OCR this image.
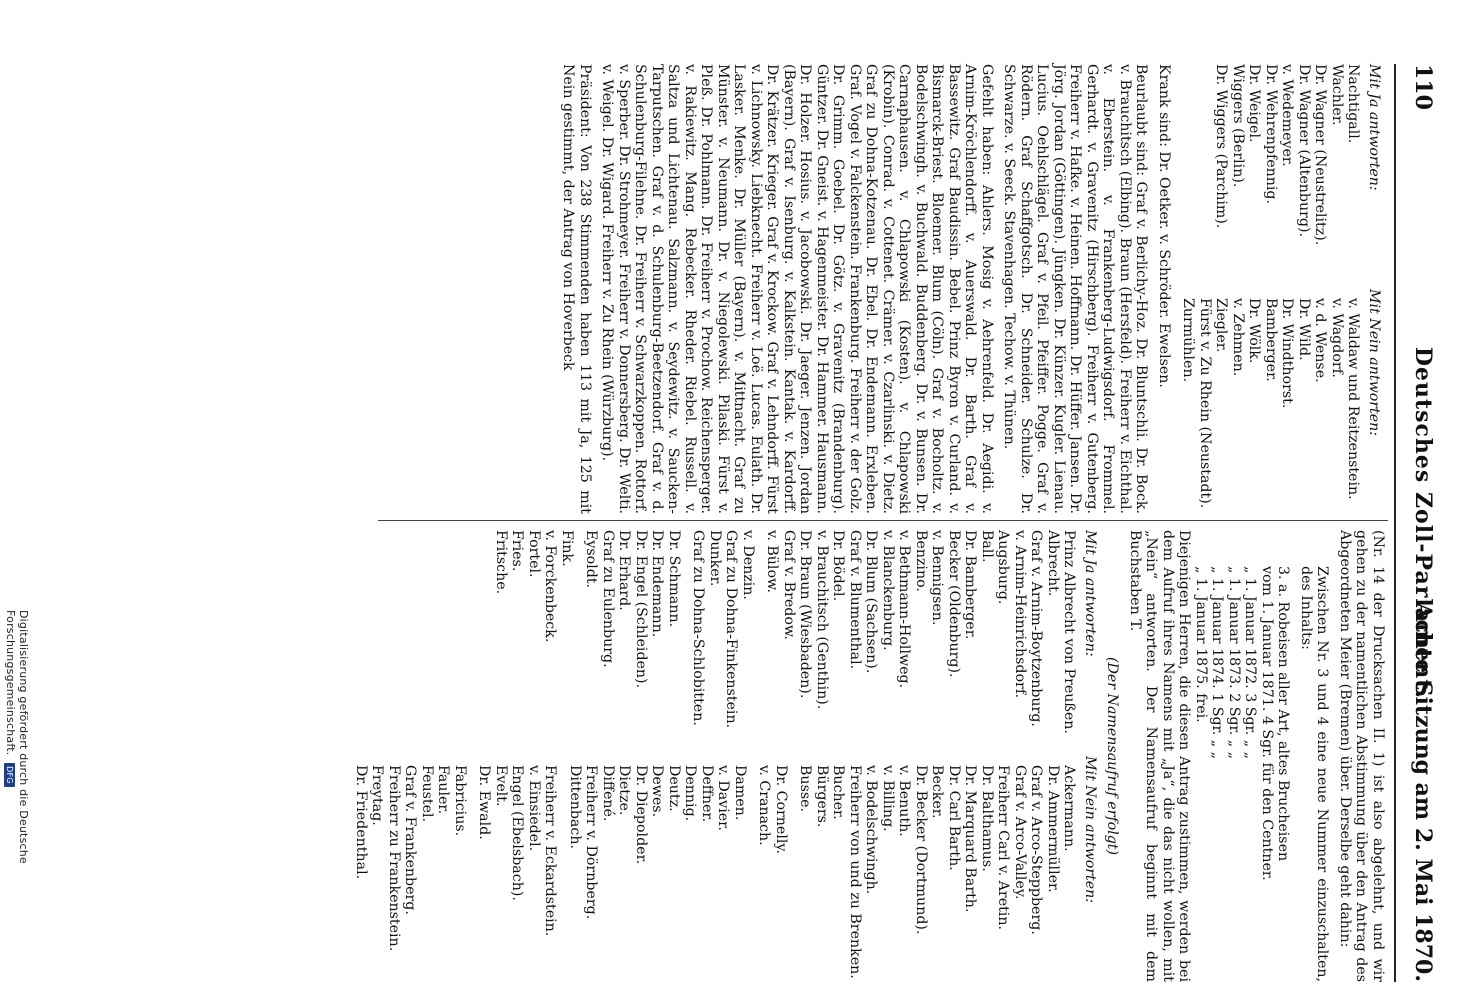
110
Deutsches Zoll-Parlament.
Achte Sitzung am 2. Mai 1870.
Mit Ja antworten:
Mit Nein antworten:
Nachtigall.
Wachler.
Dr. Wagner (Neustrelitz).
Dr. Wagner (Altenburg).
v. Wedemeyer.
Dr. Wehrenpfennig.
Dr. Weigel.
Wiggers (Berlin).
Dr. Wiggers (Parchim).
v. Waldaw und Reitzenstein.
v. Wagdorf.
v. d. Wense.
Dr. Wild.
Dr. Windthorst.
Bamberger.
Dr. Wölk.
v. Zehmen.
Ziegler.
Fürst v. Zu Rhein (Neustadt).
Zurmühlen.

Krank sind: Dr. Oetker. v. Schröder. Ewelsen.

Beurlaubt sind: Graf v. Berlichy-Hoz. Dr. Bluntschli. Dr. Bock. v. Brauchitsch (Elbing). Braun (Hersfeld). Freiherr v. Eichthal. v. Eberstein. v. Frankenberg-Ludwigsdorf. Frommel. Gerhardt. v. Gravenitz (Hirschberg). Freiherr v. Gutenberg. Freiherr v. Hafke. v. Heinen. Hoffmann. Dr. Hüffer. Jansen. Dr. Jörg. Jordan (Göttingen). Jüngken. Dr. Künzer. Kugler. Lienau. Lucius. Oehlschlägel. Graf v. Pfeil. Pfeiffer. Pogge. Graf v. Rödern. Graf Schaffgotsch. Dr. Schneider. Schulze. Dr. Schwarze. v. Seeck. Stavenhagen. Techow. v. Thünen.

Gefehlt haben: Ahlers. Mosig v. Aehrenfeld. Dr. Aegidi. v. Arnim-Kröchlendorff. v. Auerswald. Dr. Barth. Graf v. Bassewitz. Graf Baudissin. Bebel. Prinz Byron v. Curland. v. Bismarck-Briest. Bloemer. Blum (Cöln). Graf v. Bocholtz. v. Bodelschwingh. v. Buchwald. Buddenberg. Dr. v. Bunsen. Dr. Carnaphausen. v. Chlapowski (Kosten). v. Chlapowski (Krobin). Conrad. v. Cottenet. Crämer. v. Czarlinski. v. Dietz. Graf zu Dohna-Kotzenau. Dr. Ebel. Dr. Endemann. Erxleben. Graf. Vogel v. Falckenstein. Frankenburg. Freiherr v. der Golz. Dr. Grimm. Goebel. Dr. Götz. v. Gravenitz (Brandenburg). Güntzer. Dr. Gneist. v. Hagenmeister. Dr. Hammer. Hausmann. Dr. Holzer. Hosius. v. Jacobowski. Dr. Jaeger. Jenzen. Jordan (Bayern). Graf v. Isenburg. v. Kalkstein. Kantak. v. Kardorff. Dr. Krätzer. Krieger. Graf v. Krockow. Graf v. Lehndorff. Fürst v. Lichnowsky. Liebknecht. Freiherr v. Loë. Lucas. Eulath. Dr. Lasker. Menke. Dr. Müller (Bayern). v. Mittnacht. Graf zu Münster. v. Neumann. Dr. v. Niegolewski. Pilaski. Fürst v. Pleß. Dr. Pohlmann. Dr. Freiherr v. Prochow. Reichensperger. v. Rakiewitz. Mang. Rebecker. Rheder. Riebel. Russell. v. Saltza und Lichtenau. Salzmann. v. Seydewitz. v. Saucken-Tarputschen. Graf v. d. Schulenburg-Beetzendorf. Graf v. d. Schulenburg-Filehne. Dr. Freiherr v. Schwarzkoppen. Rottorf. v. Sperber. Dr. Strohmeyer. Freiherr v. Donnersberg. Dr. Welti. v. Weigel. Dr. Wigard. Freiherr v. Zu Rhein (Würzburg).

Präsident: Von 238 Stimmenden haben 113 mit Ja, 125 mit Nein gestimmt, der Antrag von Hoverbeck

(Nr. 14 der Drucksachen II. 1) ist also abgelehnt, und wir gehen zu der namentlichen Abstimmung über den Antrag des Abgeordneten Meier (Bremen) über. Derselbe geht dahin:

Zwischen Nr. 3 und 4 eine neue Nummer einzuschalten, des Inhalts:

3. a. Robeisen aller Art, altes Brucheisen
vom 1. Januar 1871. 4 Sgr. für den Centner.
„ 1. Januar 1872. 3 Sgr. „ „
„ 1. Januar 1873. 2 Sgr. „ „
„ 1. Januar 1874. 1 Sgr. „ „
„ 1. Januar 1875. frei.

Diejenigen Herren, die diesen Antrag zustimmen, werden bei dem Aufruf ihres Namens mit „Ja“, die das nicht wollen, mit „Nein“ antworten. Der Namensaufruf beginnt mit dem Buchstaben T.

(Der Namensaufruf erfolgt)
Mit Ja antworten:
Mit Nein antworten:
Prinz Albrecht von Preußen.
Albrecht.
Graf v. Arnim-Boytzenburg.
v. Arnim-Heinrichsdorf.
Augsburg.
Ball.
Dr. Bamberger.
Becker (Oldenburg).
v. Bennigsen.
Benzino.
v. Bethmann-Hollweg.
v. Blanckenburg.
Dr. Blum (Sachsen).
Graf v. Blumenthal.
Dr. Bödel.
v. Brauchitsch (Genthin).
Dr. Braun (Wiesbaden).
Graf v. Bredow.
v. Bülow.
v. Denzin.
Graf zu Dohna-Finkenstein.
Dunker.
Graf zu Dohna-Schlobitten.
Dr. Schmann.
Dr. Endemann.
Dr. Engel (Schleiden).
Dr. Erhard.
Graf zu Eulenburg.
Eysoldt.
Fink.
v. Forckenbeck.
Fortel.
Fries.
Fritsche.
Ackermann.
Dr. Ammermüller.
Graf v. Arco-Steppberg.
Graf v. Arco-Valley.
Freiherr Carl v. Aretin.
Dr. Balthamus.
Dr. Marquard Barth.
Dr. Carl Barth.
Becker.
Dr. Becker (Dortmund).
v. Benuth.
v. Billing.
v. Bodelschwingh.
Freiherr von und zu Brenken.
Bucher.
Bürgers.
Busse.
Dr. Cornelly.
v. Cranach.
Damen.
v. Davier.
Deffner.
Dennig.
Deutz.
Dewes.
Dr. Diepolder.
Dietze.
Diffené.
Freiherr v. Dörnberg.
Dittenbach.
Freiherr v. Eckardstein.
v. Einsiedel.
Engel (Ebelsbach).
Evelt.
Dr. Ewald.
Fabricius.
Fauler.
Feustel.
Graf v. Frankenberg.
Freiherr zu Frankenstein.
Freytag.
Dr. Friedenthal.
Digitalisierung gefördert durch die Deutsche Forschungsgemeinschaft. DFG
